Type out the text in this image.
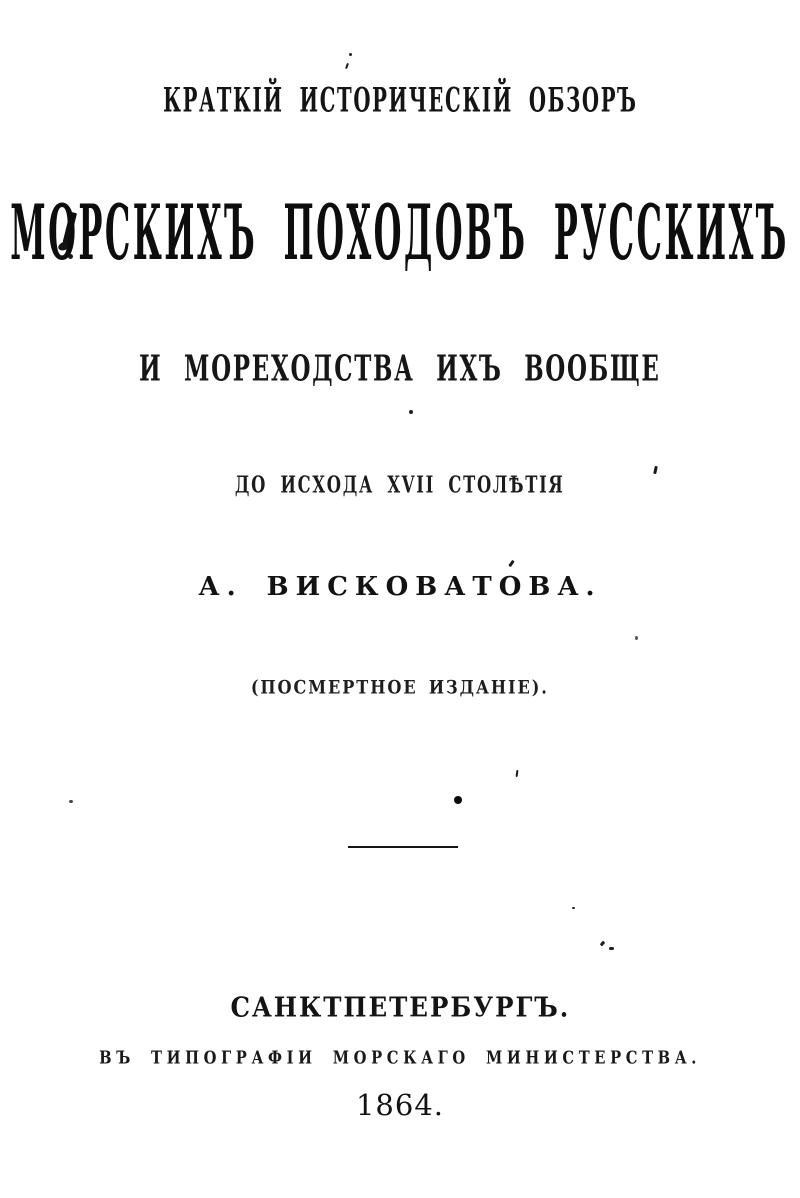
КРАТКІЙ ИСТОРИЧЕСКІЙ ОБЗОРЪ
МОРСКИХЪ ПОХОДОВЪ РУССКИХЪ
И МОРЕХОДСТВА ИХЪ ВООБЩЕ
ДО ИСХОДА XVII СТОЛѢТІЯ
А. ВИСКОВАТОВА.
(ПОСМЕРТНОЕ ИЗДАНІЕ).
САНКТПЕТЕРБУРГЪ.
ВЪ ТИПОГРАФІИ МОРСКАГО МИНИСТЕРСТВА.
1864.
